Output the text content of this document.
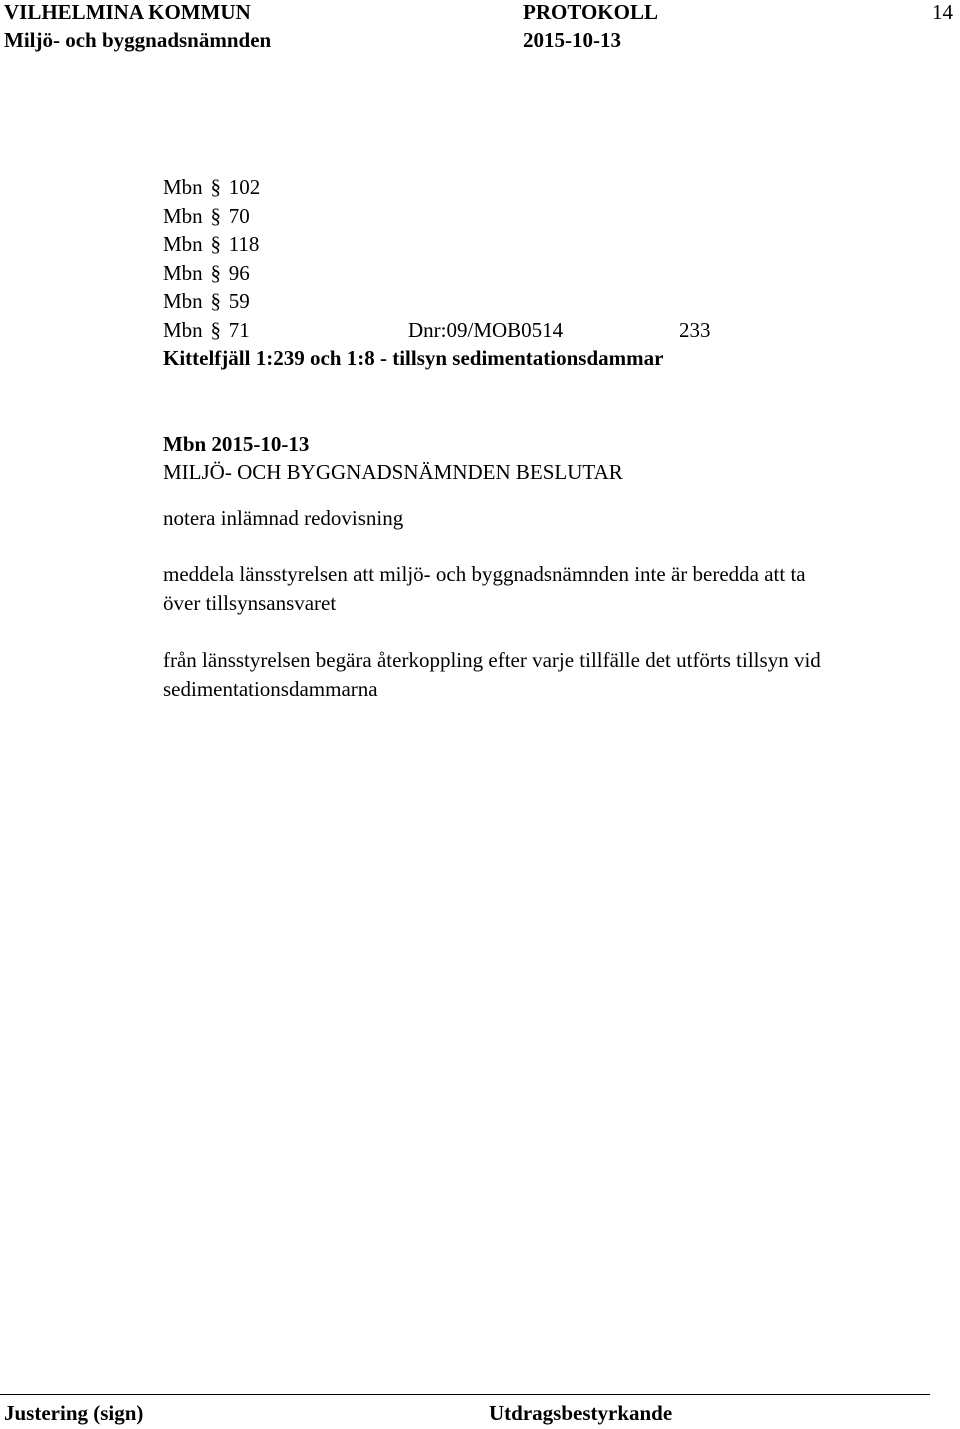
VILHELMINA KOMMUN	PROTOKOLL	14
Miljö- och byggnadsnämnden	2015-10-13
Mbn § 102
Mbn § 70
Mbn § 118
Mbn § 96
Mbn § 59
Mbn § 71	Dnr:09/MOB0514	233
Kittelfjäll 1:239 och 1:8 - tillsyn sedimentationsdammar
Mbn 2015-10-13
MILJÖ- OCH BYGGNADSNÄMNDEN BESLUTAR
notera inlämnad redovisning
meddela länsstyrelsen att miljö- och byggnadsnämnden inte är beredda att ta
över tillsynsansvaret
från länsstyrelsen begära återkoppling efter varje tillfälle det utförts tillsyn vid
sedimentationsdammarna
Justering (sign)	Utdragsbestyrkande
